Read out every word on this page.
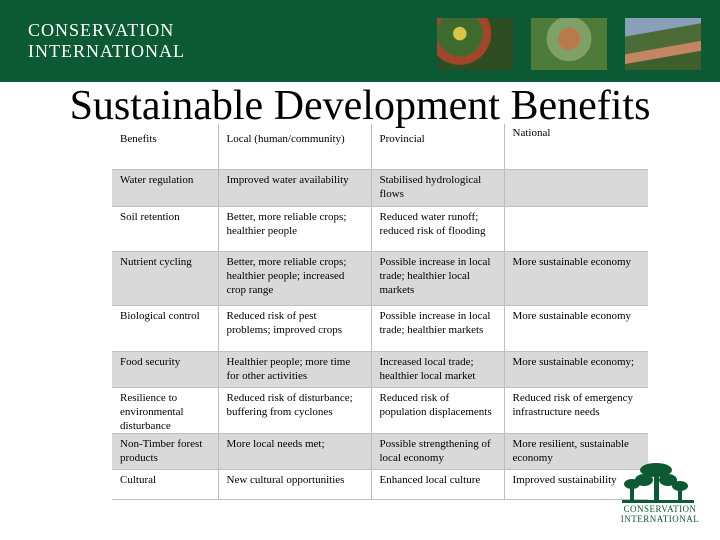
CONSERVATION
INTERNATIONAL
Sustainable Development Benefits
Benefits	Local (human/community)	Provincial	National
Water regulation	Improved water availability	Stabilised hydrological flows	
Soil retention	Better, more reliable crops; healthier people	Reduced water runoff; reduced risk of flooding	
Nutrient cycling	Better, more reliable crops; healthier people; increased crop range	Possible increase in local trade; healthier local markets	More sustainable economy
Biological control	Reduced risk of pest problems; improved crops	Possible increase in local trade; healthier markets	More sustainable economy
Food security	Healthier people; more time for other activities	Increased local trade; healthier local market	More sustainable economy;
Resilience to environmental disturbance	Reduced risk of disturbance; buffering from cyclones	Reduced risk of population displacements	Reduced risk of emergency infrastructure needs
Non-Timber forest products	More local needs met;	Possible strengthening of local economy	More resilient, sustainable economy
Cultural	New cultural opportunities	Enhanced local culture	Improved sustainability
CONSERVATION
INTERNATIONAL
